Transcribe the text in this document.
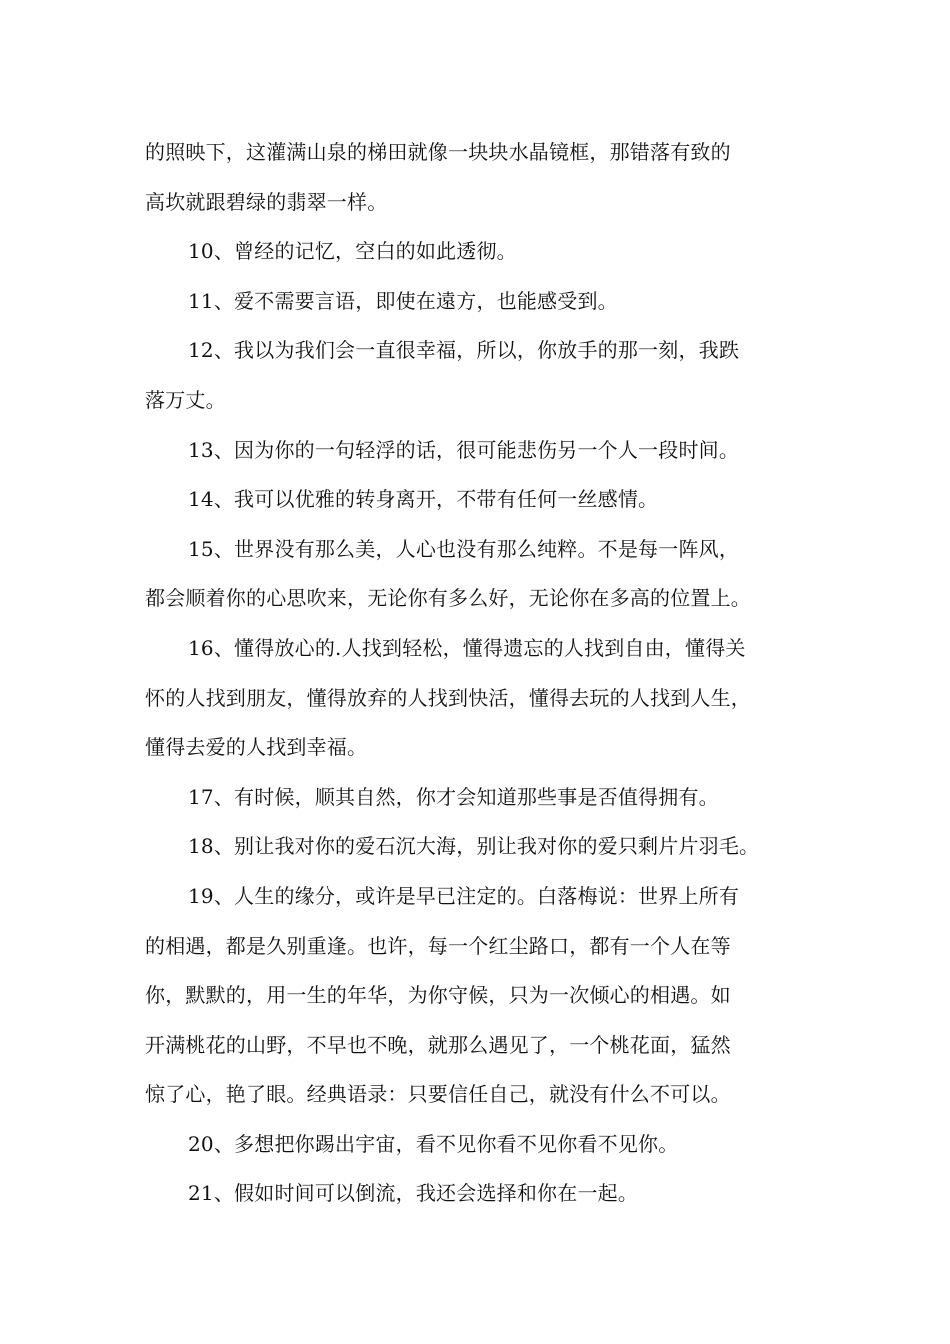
的照映下，这灌满山泉的梯田就像一块块水晶镜框，那错落有致的
高坎就跟碧绿的翡翠一样。
10、曾经的记忆，空白的如此透彻。
11、爱不需要言语，即使在遠方，也能感受到。
12、我以为我们会一直很幸福，所以，你放手的那一刻，我跌
落万丈。
13、因为你的一句轻浮的话，很可能悲伤另一个人一段时间。
14、我可以优雅的转身离开，不带有任何一丝感情。
15、世界没有那么美，人心也没有那么纯粹。不是每一阵风，
都会顺着你的心思吹来，无论你有多么好，无论你在多高的位置上。
16、懂得放心的.人找到轻松，懂得遗忘的人找到自由，懂得关
怀的人找到朋友，懂得放弃的人找到快活，懂得去玩的人找到人生，
懂得去爱的人找到幸福。
17、有时候，顺其自然，你才会知道那些事是否值得拥有。
18、别让我对你的爱石沉大海，别让我对你的爱只剩片片羽毛。
19、人生的缘分，或许是早已注定的。白落梅说：世界上所有
的相遇，都是久别重逢。也许，每一个红尘路口，都有一个人在等
你，默默的，用一生的年华，为你守候，只为一次倾心的相遇。如
开满桃花的山野，不早也不晚，就那么遇见了，一个桃花面，猛然
惊了心，艳了眼。经典语录：只要信任自己，就没有什么不可以。
20、多想把你踢出宇宙，看不见你看不见你看不见你。
21、假如时间可以倒流，我还会选择和你在一起。
